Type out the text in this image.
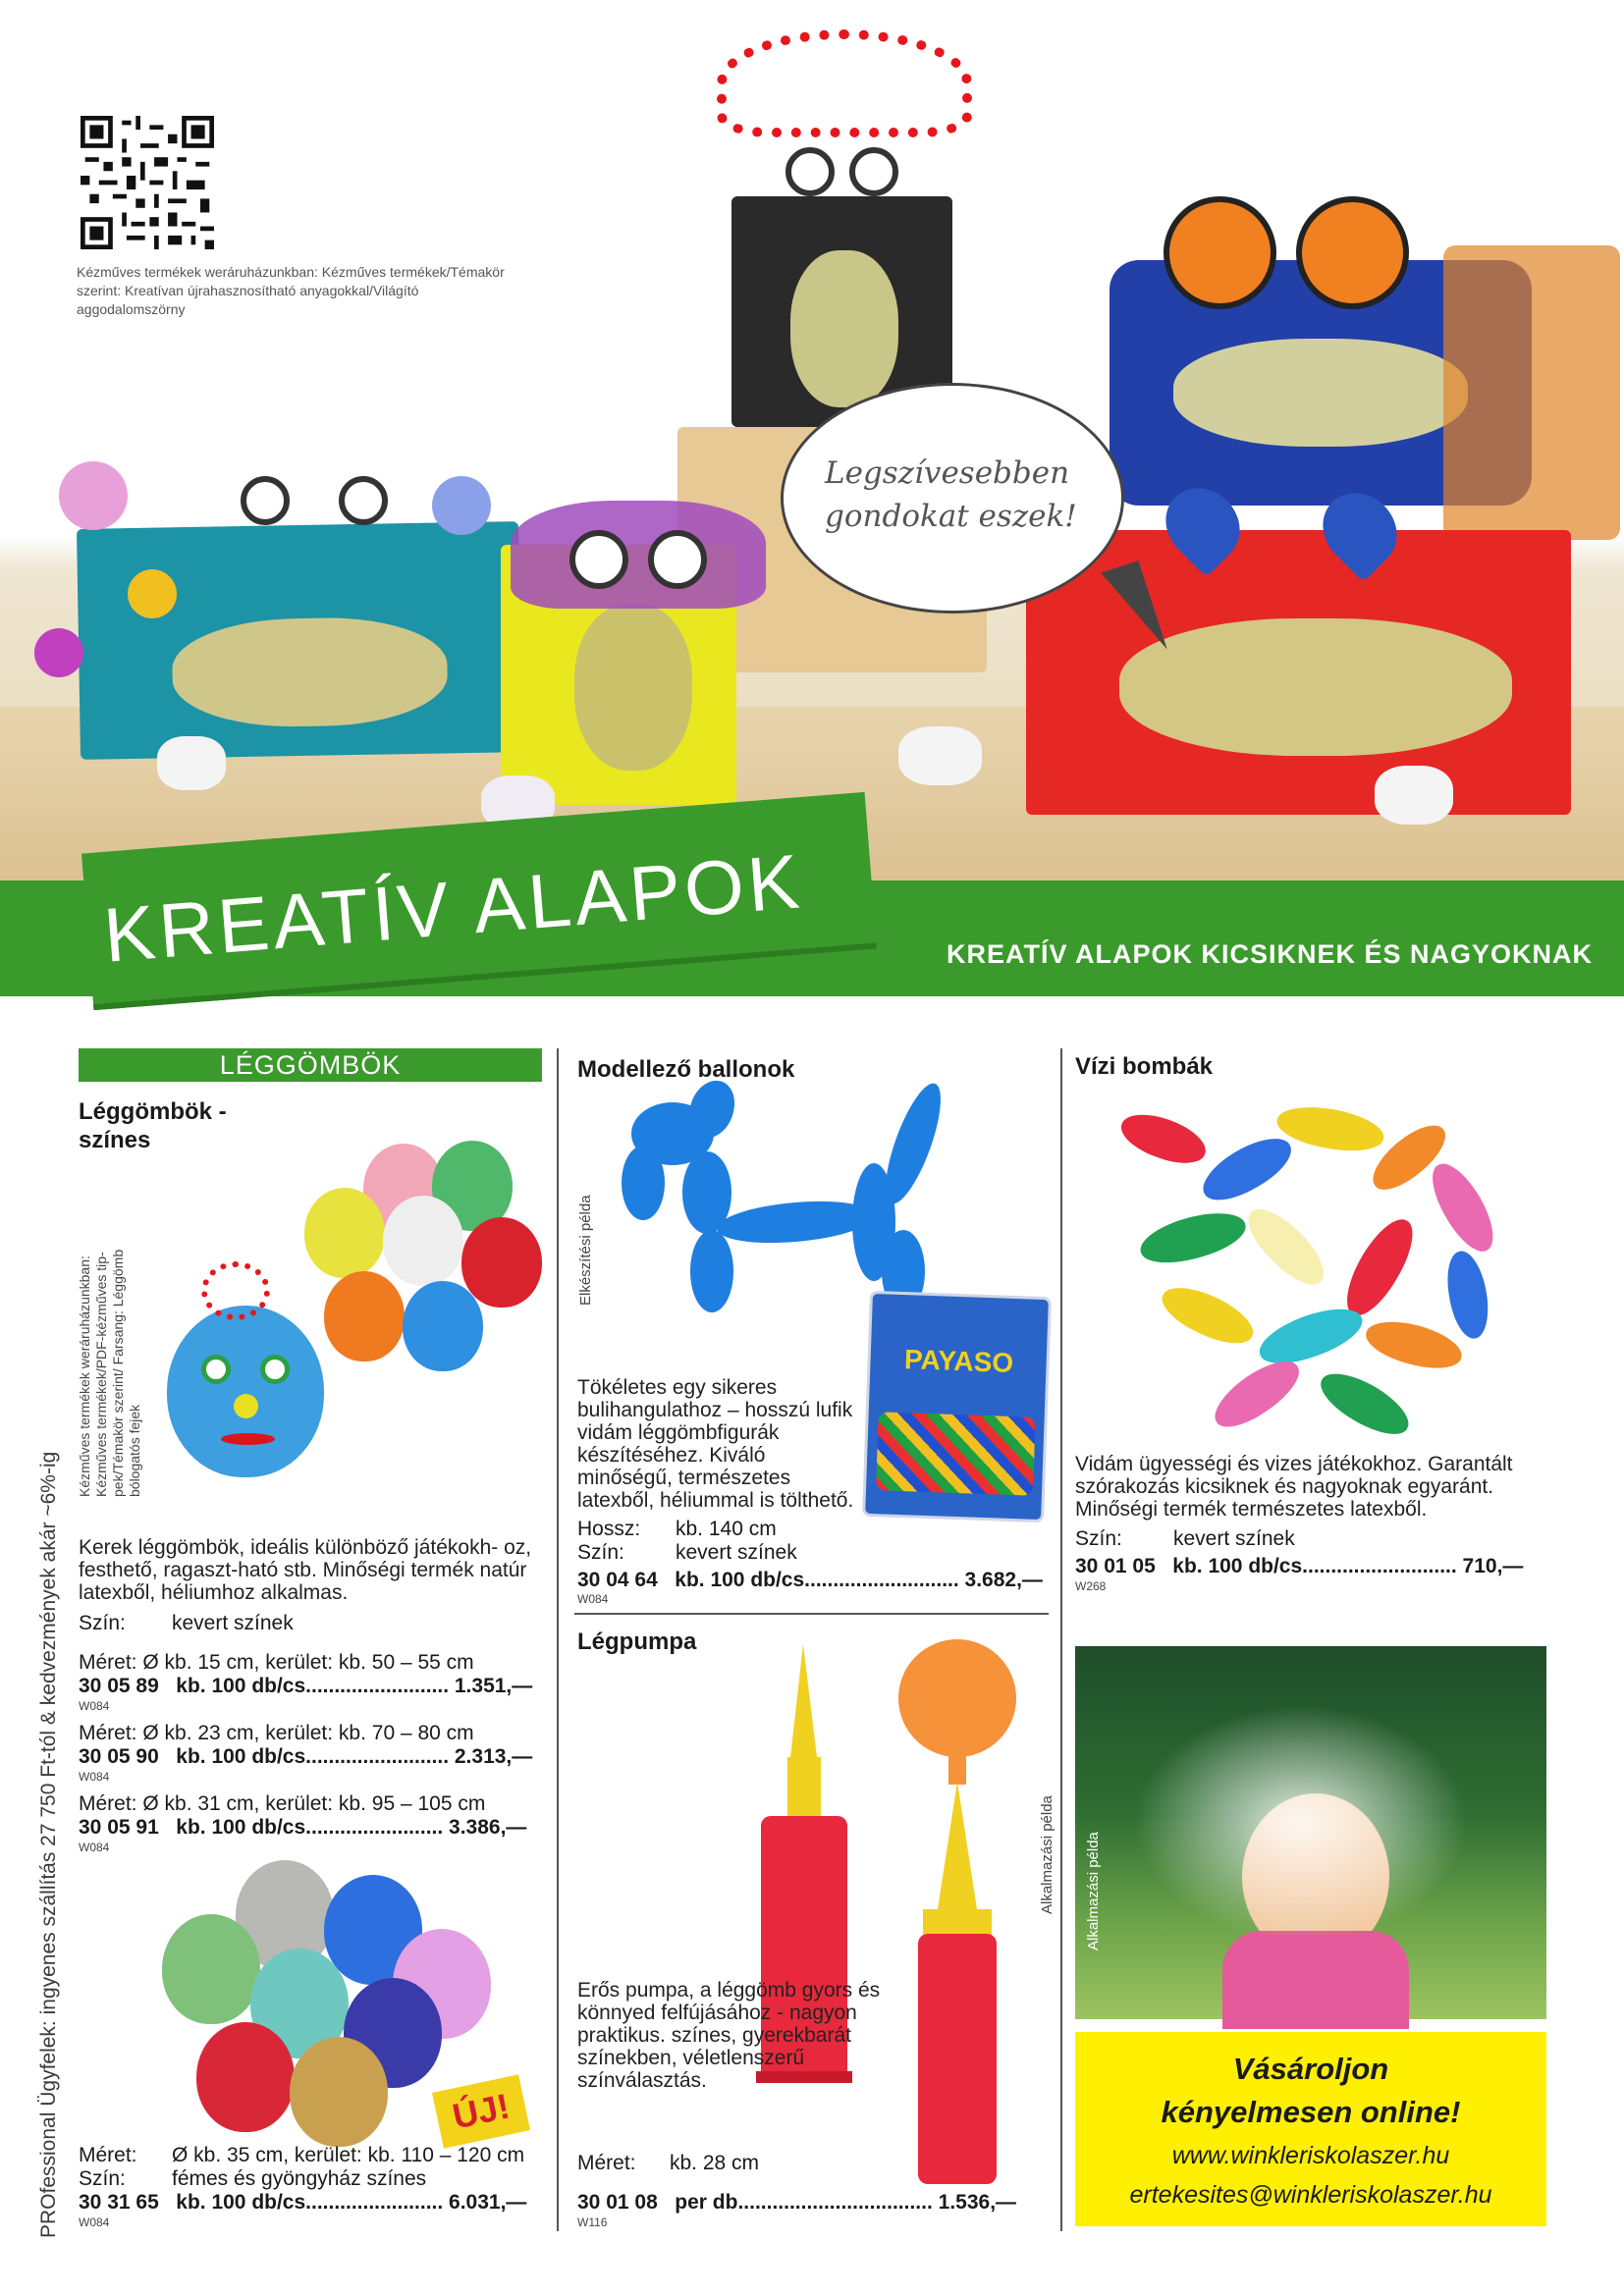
Kézműves termékek weráruházunkban: Kézműves termékek/Témakör szerint: Kreatívan újrahasznosítható anyagokkal/Világító aggodalomszörny
Legszívesebben
gondokat eszek!
KREATÍV ALAPOK	KREATÍV ALAPOK KICSIKNEK ÉS NAGYOKNAK
PROfessional Ügyfelek: ingyenes szállítás 27 750 Ft-tól & kedvezmények akár ~6%-ig
LÉGGÖMBÖK
Léggömbök - színes
Kézműves termékek weráruházunkban: Kézműves termékek/PDF-kézműves tip- pek/Témakör szerint/ Farsang: Léggömb bólogatós fejek
Kerek léggömbök, ideális különböző játékokh- oz, festhető, ragaszt-ható stb. Minőségi termék natúr latexből, héliumhoz alkalmas.
Szín: kevert színek
Méret: Ø kb. 15 cm, kerület: kb. 50 – 55 cm
30 05 89 kb. 100 db/cs......................... 1.351,—
W084
Méret: Ø kb. 23 cm, kerület: kb. 70 – 80 cm
30 05 90 kb. 100 db/cs......................... 2.313,—
W084
Méret: Ø kb. 31 cm, kerület: kb. 95 – 105 cm
30 05 91 kb. 100 db/cs........................ 3.386,—
W084
ÚJ!
Méret: Ø kb. 35 cm, kerület: kb. 110 – 120 cm
Szín: fémes és gyöngyház színes
30 31 65 kb. 100 db/cs........................ 6.031,—
W084
Modellező ballonok
Elkészítési példa
PAYASO
Tökéletes egy sikeres bulihangulathoz – hosszú lufik vidám léggömbfigurák készítéséhez. Kiváló minőségű, természetes latexből, héliummal is tölthető.
Hossz: kb. 140 cm
Szín: kevert színek
30 04 64 kb. 100 db/cs........................... 3.682,—
W084
Légpumpa
Alkalmazási példa
Erős pumpa, a léggömb gyors és könnyed felfújásához - nagyon praktikus. színes, gyerekbarát színekben, véletlenszerű színválasztás.
Méret: kb. 28 cm
30 01 08 per db.................................. 1.536,—
W116
Vízi bombák
Vidám ügyességi és vizes játékokhoz. Garantált szórakozás kicsiknek és nagyoknak egyaránt. Minőségi termék természetes latexből.
Szín: kevert színek
30 01 05 kb. 100 db/cs........................... 710,—
W268
Alkalmazási példa
Vásároljon
kényelmesen online!
www.winkleriskolaszer.hu
ertekesites@winkleriskolaszer.hu
